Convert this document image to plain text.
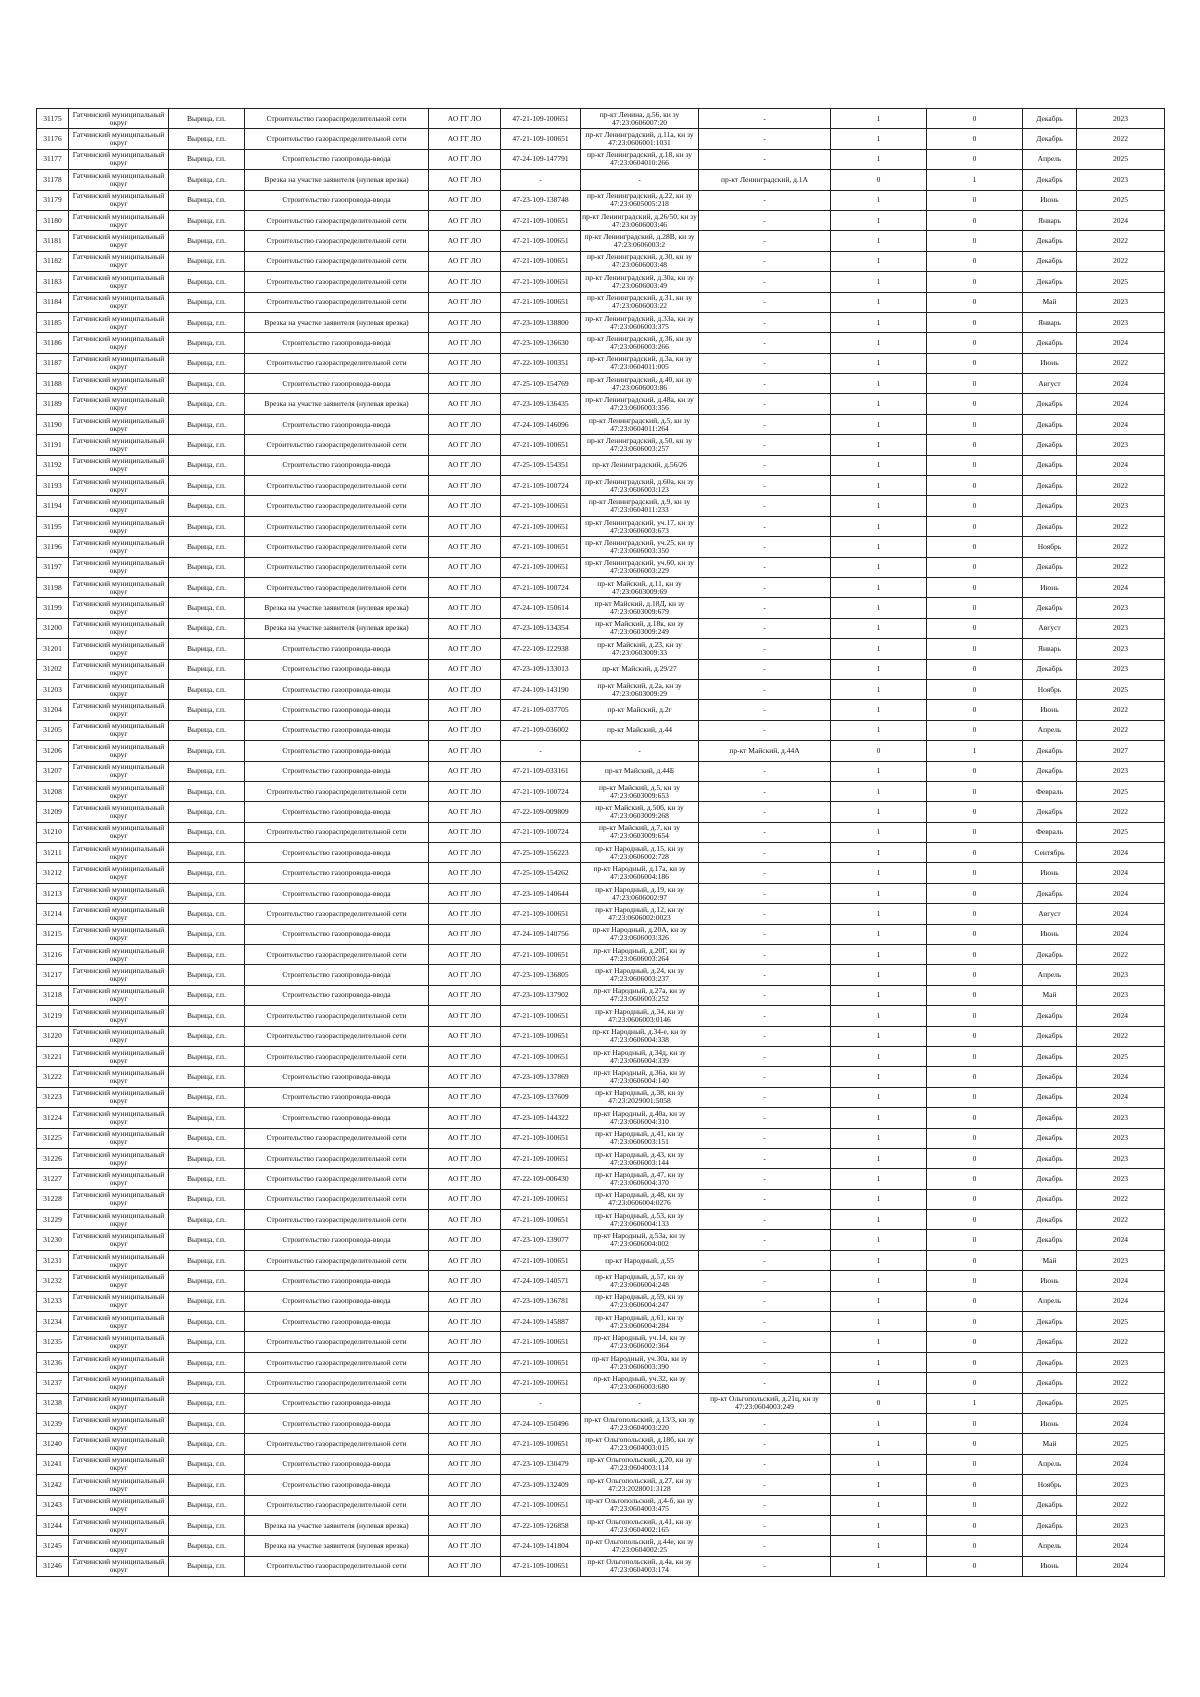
31175	Гатчинский муниципальный округ	Вырица, г.п.	Строительство газораспределительной сети	АО ГГ ЛО	47-21-109-100651	пр-кт Ленина, д.56, кн зу 47:23:0606007:20	-	1	0	Декабрь	2023
31176	Гатчинский муниципальный округ	Вырица, г.п.	Строительство газораспределительной сети	АО ГГ ЛО	47-21-109-100651	пр-кт Ленинградский, д.11а, кн зу 47:23:0606001:1031	-	1	0	Декабрь	2022
31177	Гатчинский муниципальный округ	Вырица, г.п.	Строительство газопровода-ввода	АО ГГ ЛО	47-24-109-147791	пр-кт Ленинградский, д.18, кн зу 47:23:0604010:266	-	1	0	Апрель	2025
31178	Гатчинский муниципальный округ	Вырица, г.п.	Врезка на участке заявителя (нулевая врезка)	АО ГГ ЛО	-	-	пр-кт Ленинградский, д.1А	0	1	Декабрь	2023
31179	Гатчинский муниципальный округ	Вырица, г.п.	Строительство газопровода-ввода	АО ГГ ЛО	47-23-109-138748	пр-кт Ленинградский, д.22, кн зу 47:23:0605005:218	-	1	0	Июнь	2025
31180	Гатчинский муниципальный округ	Вырица, г.п.	Строительство газораспределительной сети	АО ГГ ЛО	47-21-109-100651	пр-кт Ленинградский, д.26/50, кн зу 47:23:0606003:46	-	1	0	Январь	2024
31181	Гатчинский муниципальный округ	Вырица, г.п.	Строительство газораспределительной сети	АО ГГ ЛО	47-21-109-100651	пр-кт Ленинградский, д.28В, кн зу 47:23:0606003:2	-	1	0	Декабрь	2022
31182	Гатчинский муниципальный округ	Вырица, г.п.	Строительство газораспределительной сети	АО ГГ ЛО	47-21-109-100651	пр-кт Ленинградский, д.30, кн зу 47:23:0606003:48	-	1	0	Декабрь	2022
31183	Гатчинский муниципальный округ	Вырица, г.п.	Строительство газораспределительной сети	АО ГГ ЛО	47-21-109-100651	пр-кт Ленинградский, д.30а, кн зу 47:23:0606003:49	-	1	0	Декабрь	2025
31184	Гатчинский муниципальный округ	Вырица, г.п.	Строительство газораспределительной сети	АО ГГ ЛО	47-21-109-100651	пр-кт Ленинградский, д.31, кн зу 47:23:0606003:22	-	1	0	Май	2023
31185	Гатчинский муниципальный округ	Вырица, г.п.	Врезка на участке заявителя (нулевая врезка)	АО ГГ ЛО	47-23-109-138800	пр-кт Ленинградский, д.33а, кн зу 47:23:0606003:375	-	1	0	Январь	2023
31186	Гатчинский муниципальный округ	Вырица, г.п.	Строительство газопровода-ввода	АО ГГ ЛО	47-23-109-136630	пр-кт Ленинградский, д.36, кн зу 47:23:0606003:266	-	1	0	Декабрь	2024
31187	Гатчинский муниципальный округ	Вырица, г.п.	Строительство газораспределительной сети	АО ГГ ЛО	47-22-109-100351	пр-кт Ленинградский, д.3а, кн зу 47:23:0604011:005	-	1	0	Июнь	2022
31188	Гатчинский муниципальный округ	Вырица, г.п.	Строительство газопровода-ввода	АО ГГ ЛО	47-25-109-154769	пр-кт Ленинградский, д.40, кн зу 47:23:0606003:86	-	1	0	Август	2024
31189	Гатчинский муниципальный округ	Вырица, г.п.	Врезка на участке заявителя (нулевая врезка)	АО ГГ ЛО	47-23-109-136435	пр-кт Ленинградский, д.48а, кн зу 47:23:0606003:356	-	1	0	Декабрь	2024
31190	Гатчинский муниципальный округ	Вырица, г.п.	Строительство газопровода-ввода	АО ГГ ЛО	47-24-109-146096	пр-кт Ленинградский, д.5, кн зу 47:23:0604011:264	-	1	0	Декабрь	2024
31191	Гатчинский муниципальный округ	Вырица, г.п.	Строительство газораспределительной сети	АО ГГ ЛО	47-21-109-100651	пр-кт Ленинградский, д.50, кн зу 47:23:0606003:257	-	1	0	Декабрь	2023
31192	Гатчинский муниципальный округ	Вырица, г.п.	Строительство газопровода-ввода	АО ГГ ЛО	47-25-109-154351	пр-кт Ленинградский, д.56/26	-	1	0	Декабрь	2024
31193	Гатчинский муниципальный округ	Вырица, г.п.	Строительство газораспределительной сети	АО ГГ ЛО	47-21-109-100724	пр-кт Ленинградский, д.60а, кн зу 47:23:0606003:123	-	1	0	Декабрь	2022
31194	Гатчинский муниципальный округ	Вырица, г.п.	Строительство газораспределительной сети	АО ГГ ЛО	47-21-109-100651	пр-кт Ленинградский, д.9, кн зу 47:23:0604011:233	-	1	0	Декабрь	2023
31195	Гатчинский муниципальный округ	Вырица, г.п.	Строительство газораспределительной сети	АО ГГ ЛО	47-21-109-100651	пр-кт Ленинградский, уч.17, кн зу 47:23:0606003:673	-	1	0	Декабрь	2022
31196	Гатчинский муниципальный округ	Вырица, г.п.	Строительство газораспределительной сети	АО ГГ ЛО	47-21-109-100651	пр-кт Ленинградский, уч.25, кн зу 47:23:0606003:350	-	1	0	Ноябрь	2022
31197	Гатчинский муниципальный округ	Вырица, г.п.	Строительство газораспределительной сети	АО ГГ ЛО	47-21-109-100651	пр-кт Ленинградский, уч.60, кн зу 47:23:0606003:229	-	1	0	Декабрь	2022
31198	Гатчинский муниципальный округ	Вырица, г.п.	Строительство газораспределительной сети	АО ГГ ЛО	47-21-109-100724	пр-кт Майский, д.11, кн зу 47:23:0603009:69	-	1	0	Июнь	2024
31199	Гатчинский муниципальный округ	Вырица, г.п.	Врезка на участке заявителя (нулевая врезка)	АО ГГ ЛО	47-24-109-150614	пр-кт Майский, д.18Д, кн зу 47:23:0603009:679	-	1	0	Декабрь	2023
31200	Гатчинский муниципальный округ	Вырица, г.п.	Врезка на участке заявителя (нулевая врезка)	АО ГГ ЛО	47-23-109-134354	пр-кт Майский, д.18к, кн зу 47:23:0603009:249	-	1	0	Август	2023
31201	Гатчинский муниципальный округ	Вырица, г.п.	Строительство газопровода-ввода	АО ГГ ЛО	47-22-109-122938	пр-кт Майский, д.23, кн зу 47:23:0603009:33	-	1	0	Январь	2023
31202	Гатчинский муниципальный округ	Вырица, г.п.	Строительство газопровода-ввода	АО ГГ ЛО	47-23-109-133013	пр-кт Майский, д.29/27	-	1	0	Декабрь	2023
31203	Гатчинский муниципальный округ	Вырица, г.п.	Строительство газопровода-ввода	АО ГГ ЛО	47-24-109-143190	пр-кт Майский, д.2а, кн зу 47:23:0603009:29	-	1	0	Ноябрь	2025
31204	Гатчинский муниципальный округ	Вырица, г.п.	Строительство газопровода-ввода	АО ГГ ЛО	47-21-109-037705	пр-кт Майский, д.2г	-	1	0	Июнь	2022
31205	Гатчинский муниципальный округ	Вырица, г.п.	Строительство газопровода-ввода	АО ГГ ЛО	47-21-109-036002	пр-кт Майский, д.44	-	1	0	Апрель	2022
31206	Гатчинский муниципальный округ	Вырица, г.п.	Строительство газопровода-ввода	АО ГГ ЛО	-	-	пр-кт Майский, д.44А	0	1	Декабрь	2027
31207	Гатчинский муниципальный округ	Вырица, г.п.	Строительство газопровода-ввода	АО ГГ ЛО	47-21-109-033161	пр-кт Майский, д.44Б	-	1	0	Декабрь	2023
31208	Гатчинский муниципальный округ	Вырица, г.п.	Строительство газораспределительной сети	АО ГГ ЛО	47-21-109-100724	пр-кт Майский, д.5, кн зу 47:23:0603009:653	-	1	0	Февраль	2025
31209	Гатчинский муниципальный округ	Вырица, г.п.	Строительство газопровода-ввода	АО ГГ ЛО	47-22-109-009809	пр-кт Майский, д.50б, кн зу 47:23:0603009:268	-	1	0	Декабрь	2022
31210	Гатчинский муниципальный округ	Вырица, г.п.	Строительство газораспределительной сети	АО ГГ ЛО	47-21-109-100724	пр-кт Майский, д.7, кн зу 47:23:0603009:654	-	1	0	Февраль	2025
31211	Гатчинский муниципальный округ	Вырица, г.п.	Строительство газопровода-ввода	АО ГГ ЛО	47-25-109-156223	пр-кт Народный, д.15, кн зу 47:23:0606002:728	-	1	0	Сентябрь	2024
31212	Гатчинский муниципальный округ	Вырица, г.п.	Строительство газопровода-ввода	АО ГГ ЛО	47-25-109-154262	пр-кт Народный, д.17а, кн зу 47:23:0606004:186	-	1	0	Июнь	2024
31213	Гатчинский муниципальный округ	Вырица, г.п.	Строительство газопровода-ввода	АО ГГ ЛО	47-23-109-140644	пр-кт Народный, д.19, кн зу 47:23:0606002:97	-	1	0	Декабрь	2024
31214	Гатчинский муниципальный округ	Вырица, г.п.	Строительство газораспределительной сети	АО ГГ ЛО	47-21-109-100651	пр-кт Народный, д.12, кн зу 47:23:0606002:0023	-	1	0	Август	2024
31215	Гатчинский муниципальный округ	Вырица, г.п.	Строительство газопровода-ввода	АО ГГ ЛО	47-24-109-140756	пр-кт Народный, д.20А, кн зу 47:23:0606003:326	-	1	0	Июнь	2024
31216	Гатчинский муниципальный округ	Вырица, г.п.	Строительство газораспределительной сети	АО ГГ ЛО	47-21-109-100651	пр-кт Народный, д.20Г, кн зу 47:23:0606003:264	-	1	0	Декабрь	2022
31217	Гатчинский муниципальный округ	Вырица, г.п.	Строительство газопровода-ввода	АО ГГ ЛО	47-23-109-136805	пр-кт Народный, д.24, кн зу 47:23:0606003:237	-	1	0	Апрель	2023
31218	Гатчинский муниципальный округ	Вырица, г.п.	Строительство газопровода-ввода	АО ГГ ЛО	47-23-109-137902	пр-кт Народный, д.27а, кн зу 47:23:0606003:252	-	1	0	Май	2023
31219	Гатчинский муниципальный округ	Вырица, г.п.	Строительство газораспределительной сети	АО ГГ ЛО	47-21-109-100651	пр-кт Народный, д.34, кн зу 47:23:0606003:0146	-	1	0	Декабрь	2024
31220	Гатчинский муниципальный округ	Вырица, г.п.	Строительство газораспределительной сети	АО ГГ ЛО	47-21-109-100651	пр-кт Народный, д.34-е, кн зу 47:23:0606004:338	-	1	0	Декабрь	2022
31221	Гатчинский муниципальный округ	Вырица, г.п.	Строительство газораспределительной сети	АО ГГ ЛО	47-21-109-100651	пр-кт Народный, д.34д, кн зу 47:23:0606004:339	-	1	0	Декабрь	2025
31222	Гатчинский муниципальный округ	Вырица, г.п.	Строительство газопровода-ввода	АО ГГ ЛО	47-23-109-137869	пр-кт Народный, д.36а, кн зу 47:23:0606004:140	-	1	0	Декабрь	2024
31223	Гатчинский муниципальный округ	Вырица, г.п.	Строительство газопровода-ввода	АО ГГ ЛО	47-23-109-137609	пр-кт Народный, д.38, кн зу 47:23:2029001:5058	-	1	0	Декабрь	2024
31224	Гатчинский муниципальный округ	Вырица, г.п.	Строительство газопровода-ввода	АО ГГ ЛО	47-23-109-144322	пр-кт Народный, д.40а, кн зу 47:23:0606004:310	-	1	0	Декабрь	2023
31225	Гатчинский муниципальный округ	Вырица, г.п.	Строительство газораспределительной сети	АО ГГ ЛО	47-21-109-100651	пр-кт Народный, д.41, кн зу 47:23:0606003:151	-	1	0	Декабрь	2023
31226	Гатчинский муниципальный округ	Вырица, г.п.	Строительство газораспределительной сети	АО ГГ ЛО	47-21-109-100651	пр-кт Народный, д.43, кн зу 47:23:0606003:144	-	1	0	Декабрь	2023
31227	Гатчинский муниципальный округ	Вырица, г.п.	Строительство газораспределительной сети	АО ГГ ЛО	47-22-109-006430	пр-кт Народный, д.47, кн зу 47:23:0606004:370	-	1	0	Декабрь	2023
31228	Гатчинский муниципальный округ	Вырица, г.п.	Строительство газораспределительной сети	АО ГГ ЛО	47-21-109-100651	пр-кт Народный, д.48, кн зу 47:23:0606004:0276	-	1	0	Декабрь	2022
31229	Гатчинский муниципальный округ	Вырица, г.п.	Строительство газораспределительной сети	АО ГГ ЛО	47-21-109-100651	пр-кт Народный, д.53, кн зу 47:23:0606004:133	-	1	0	Декабрь	2022
31230	Гатчинский муниципальный округ	Вырица, г.п.	Строительство газопровода-ввода	АО ГГ ЛО	47-23-109-139077	пр-кт Народный, д.53а, кн зу 47:23:0606004:002	-	1	0	Декабрь	2024
31231	Гатчинский муниципальный округ	Вырица, г.п.	Строительство газораспределительной сети	АО ГГ ЛО	47-21-109-100651	пр-кт Народный, д.55	-	1	0	Май	2023
31232	Гатчинский муниципальный округ	Вырица, г.п.	Строительство газопровода-ввода	АО ГГ ЛО	47-24-109-140571	пр-кт Народный, д.57, кн зу 47:23:0606004:248	-	1	0	Июнь	2024
31233	Гатчинский муниципальный округ	Вырица, г.п.	Строительство газопровода-ввода	АО ГГ ЛО	47-23-109-136781	пр-кт Народный, д.59, кн зу 47:23:0606004:247	-	1	0	Апрель	2024
31234	Гатчинский муниципальный округ	Вырица, г.п.	Строительство газопровода-ввода	АО ГГ ЛО	47-24-109-145887	пр-кт Народный, д.61, кн зу 47:23:0606004:284	-	1	0	Декабрь	2025
31235	Гатчинский муниципальный округ	Вырица, г.п.	Строительство газораспределительной сети	АО ГГ ЛО	47-21-109-100651	пр-кт Народный, уч.14, кн зу 47:23:0606002:364	-	1	0	Декабрь	2022
31236	Гатчинский муниципальный округ	Вырица, г.п.	Строительство газораспределительной сети	АО ГГ ЛО	47-21-109-100651	пр-кт Народный, уч.30а, кн зу 47:23:0606003:390	-	1	0	Декабрь	2023
31237	Гатчинский муниципальный округ	Вырица, г.п.	Строительство газораспределительной сети	АО ГГ ЛО	47-21-109-100651	пр-кт Народный, уч.32, кн зу 47:23:0606003:680	-	1	0	Декабрь	2022
31238	Гатчинский муниципальный округ	Вырица, г.п.	Строительство газопровода-ввода	АО ГГ ЛО	-	-	пр-кт Ольгопольский, д.21ц, кн зу 47:23:0604003:249	0	1	Декабрь	2025
31239	Гатчинский муниципальный округ	Вырица, г.п.	Строительство газопровода-ввода	АО ГГ ЛО	47-24-109-150496	пр-кт Ольгопольский, д.13/3, кн зу 47:23:0604003:220	-	1	0	Июнь	2024
31240	Гатчинский муниципальный округ	Вырица, г.п.	Строительство газораспределительной сети	АО ГГ ЛО	47-21-109-100651	пр-кт Ольгопольский, д.18б, кн зу 47:23:0604003:015	-	1	0	Май	2025
31241	Гатчинский муниципальный округ	Вырица, г.п.	Строительство газопровода-ввода	АО ГГ ЛО	47-23-109-130479	пр-кт Ольгопольский, д.20, кн зу 47:23:0604003:114	-	1	0	Апрель	2024
31242	Гатчинский муниципальный округ	Вырица, г.п.	Строительство газопровода-ввода	АО ГГ ЛО	47-23-109-132409	пр-кт Ольгопольский, д.27, кн зу 47:23:2028001:3128	-	1	0	Ноябрь	2023
31243	Гатчинский муниципальный округ	Вырица, г.п.	Строительство газораспределительной сети	АО ГГ ЛО	47-21-109-100651	пр-кт Ольгопольский, д.4-б, кн зу 47:23:0604003:475	-	1	0	Декабрь	2022
31244	Гатчинский муниципальный округ	Вырица, г.п.	Врезка на участке заявителя (нулевая врезка)	АО ГГ ЛО	47-22-109-126858	пр-кт Ольгопольский, д.41, кн зу 47:23:0604002:165	-	1	0	Декабрь	2023
31245	Гатчинский муниципальный округ	Вырица, г.п.	Врезка на участке заявителя (нулевая врезка)	АО ГГ ЛО	47-24-109-141804	пр-кт Ольгопольский, д.44е, кн зу 47:23:0604002:25	-	1	0	Апрель	2024
31246	Гатчинский муниципальный округ	Вырица, г.п.	Строительство газораспределительной сети	АО ГГ ЛО	47-21-109-100651	пр-кт Ольгопольский, д.4а, кн зу 47:23:0604003:174	-	1	0	Июнь	2024
